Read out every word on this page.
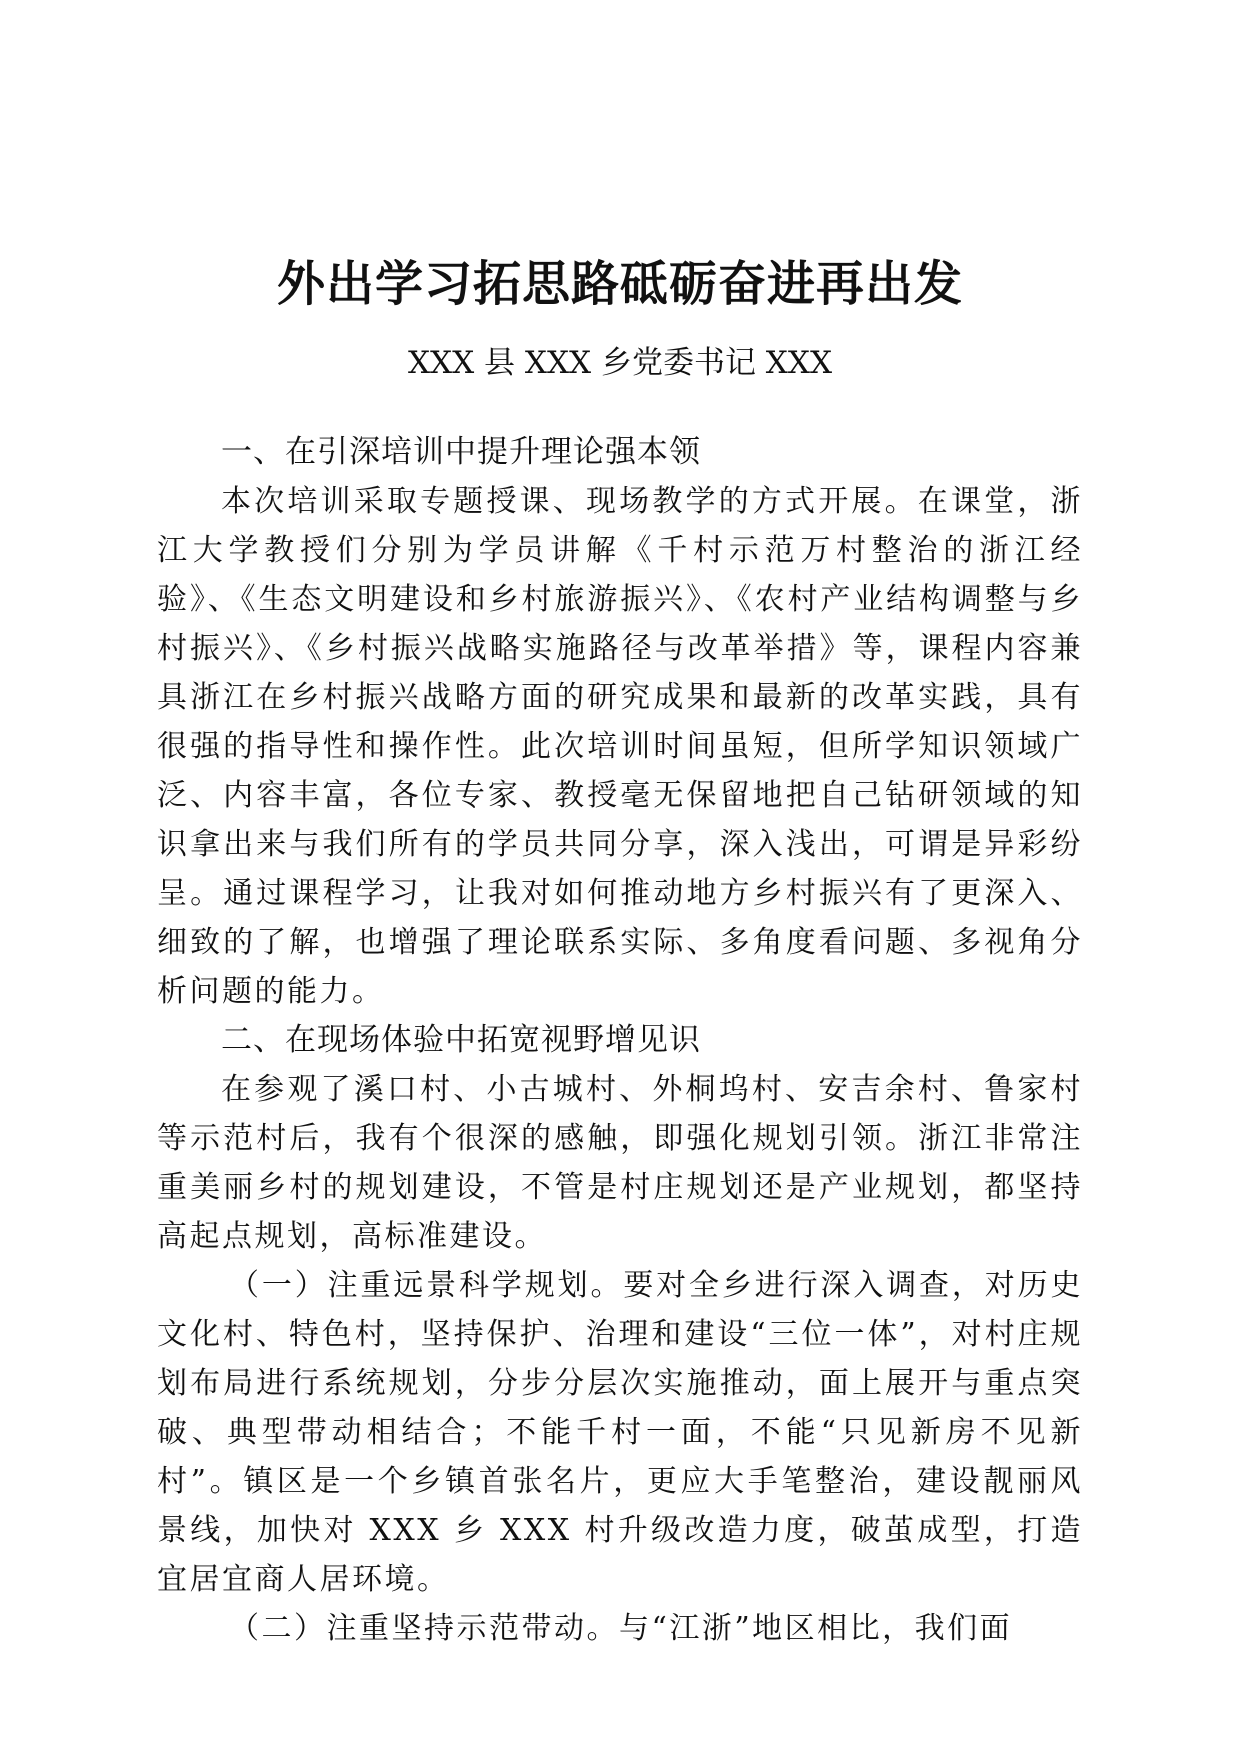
外出学习拓思路砥砺奋进再出发
XXX 县 XXX 乡党委书记 XXX
一、在引深培训中提升理论强本领

本次培训采取专题授课、现场教学的方式开展。在课堂，浙江大学教授们分别为学员讲解《千村示范万村整治的浙江经验》、《生态文明建设和乡村旅游振兴》、《农村产业结构调整与乡村振兴》、《乡村振兴战略实施路径与改革举措》等，课程内容兼具浙江在乡村振兴战略方面的研究成果和最新的改革实践，具有很强的指导性和操作性。此次培训时间虽短，但所学知识领域广泛、内容丰富，各位专家、教授毫无保留地把自己钻研领域的知识拿出来与我们所有的学员共同分享，深入浅出，可谓是异彩纷呈。通过课程学习，让我对如何推动地方乡村振兴有了更深入、细致的了解，也增强了理论联系实际、多角度看问题、多视角分析问题的能力。

二、在现场体验中拓宽视野增见识

在参观了溪口村、小古城村、外桐坞村、安吉余村、鲁家村等示范村后，我有个很深的感触，即强化规划引领。浙江非常注重美丽乡村的规划建设，不管是村庄规划还是产业规划，都坚持高起点规划，高标准建设。

（一）注重远景科学规划。要对全乡进行深入调查，对历史文化村、特色村，坚持保护、治理和建设“三位一体”，对村庄规划布局进行系统规划，分步分层次实施推动，面上展开与重点突破、典型带动相结合；不能千村一面，不能“只见新房不见新村”。镇区是一个乡镇首张名片，更应大手笔整治，建设靓丽风景线，加快对 XXX 乡 XXX 村升级改造力度，破茧成型，打造宜居宜商人居环境。

（二）注重坚持示范带动。与“江浙”地区相比，我们面
